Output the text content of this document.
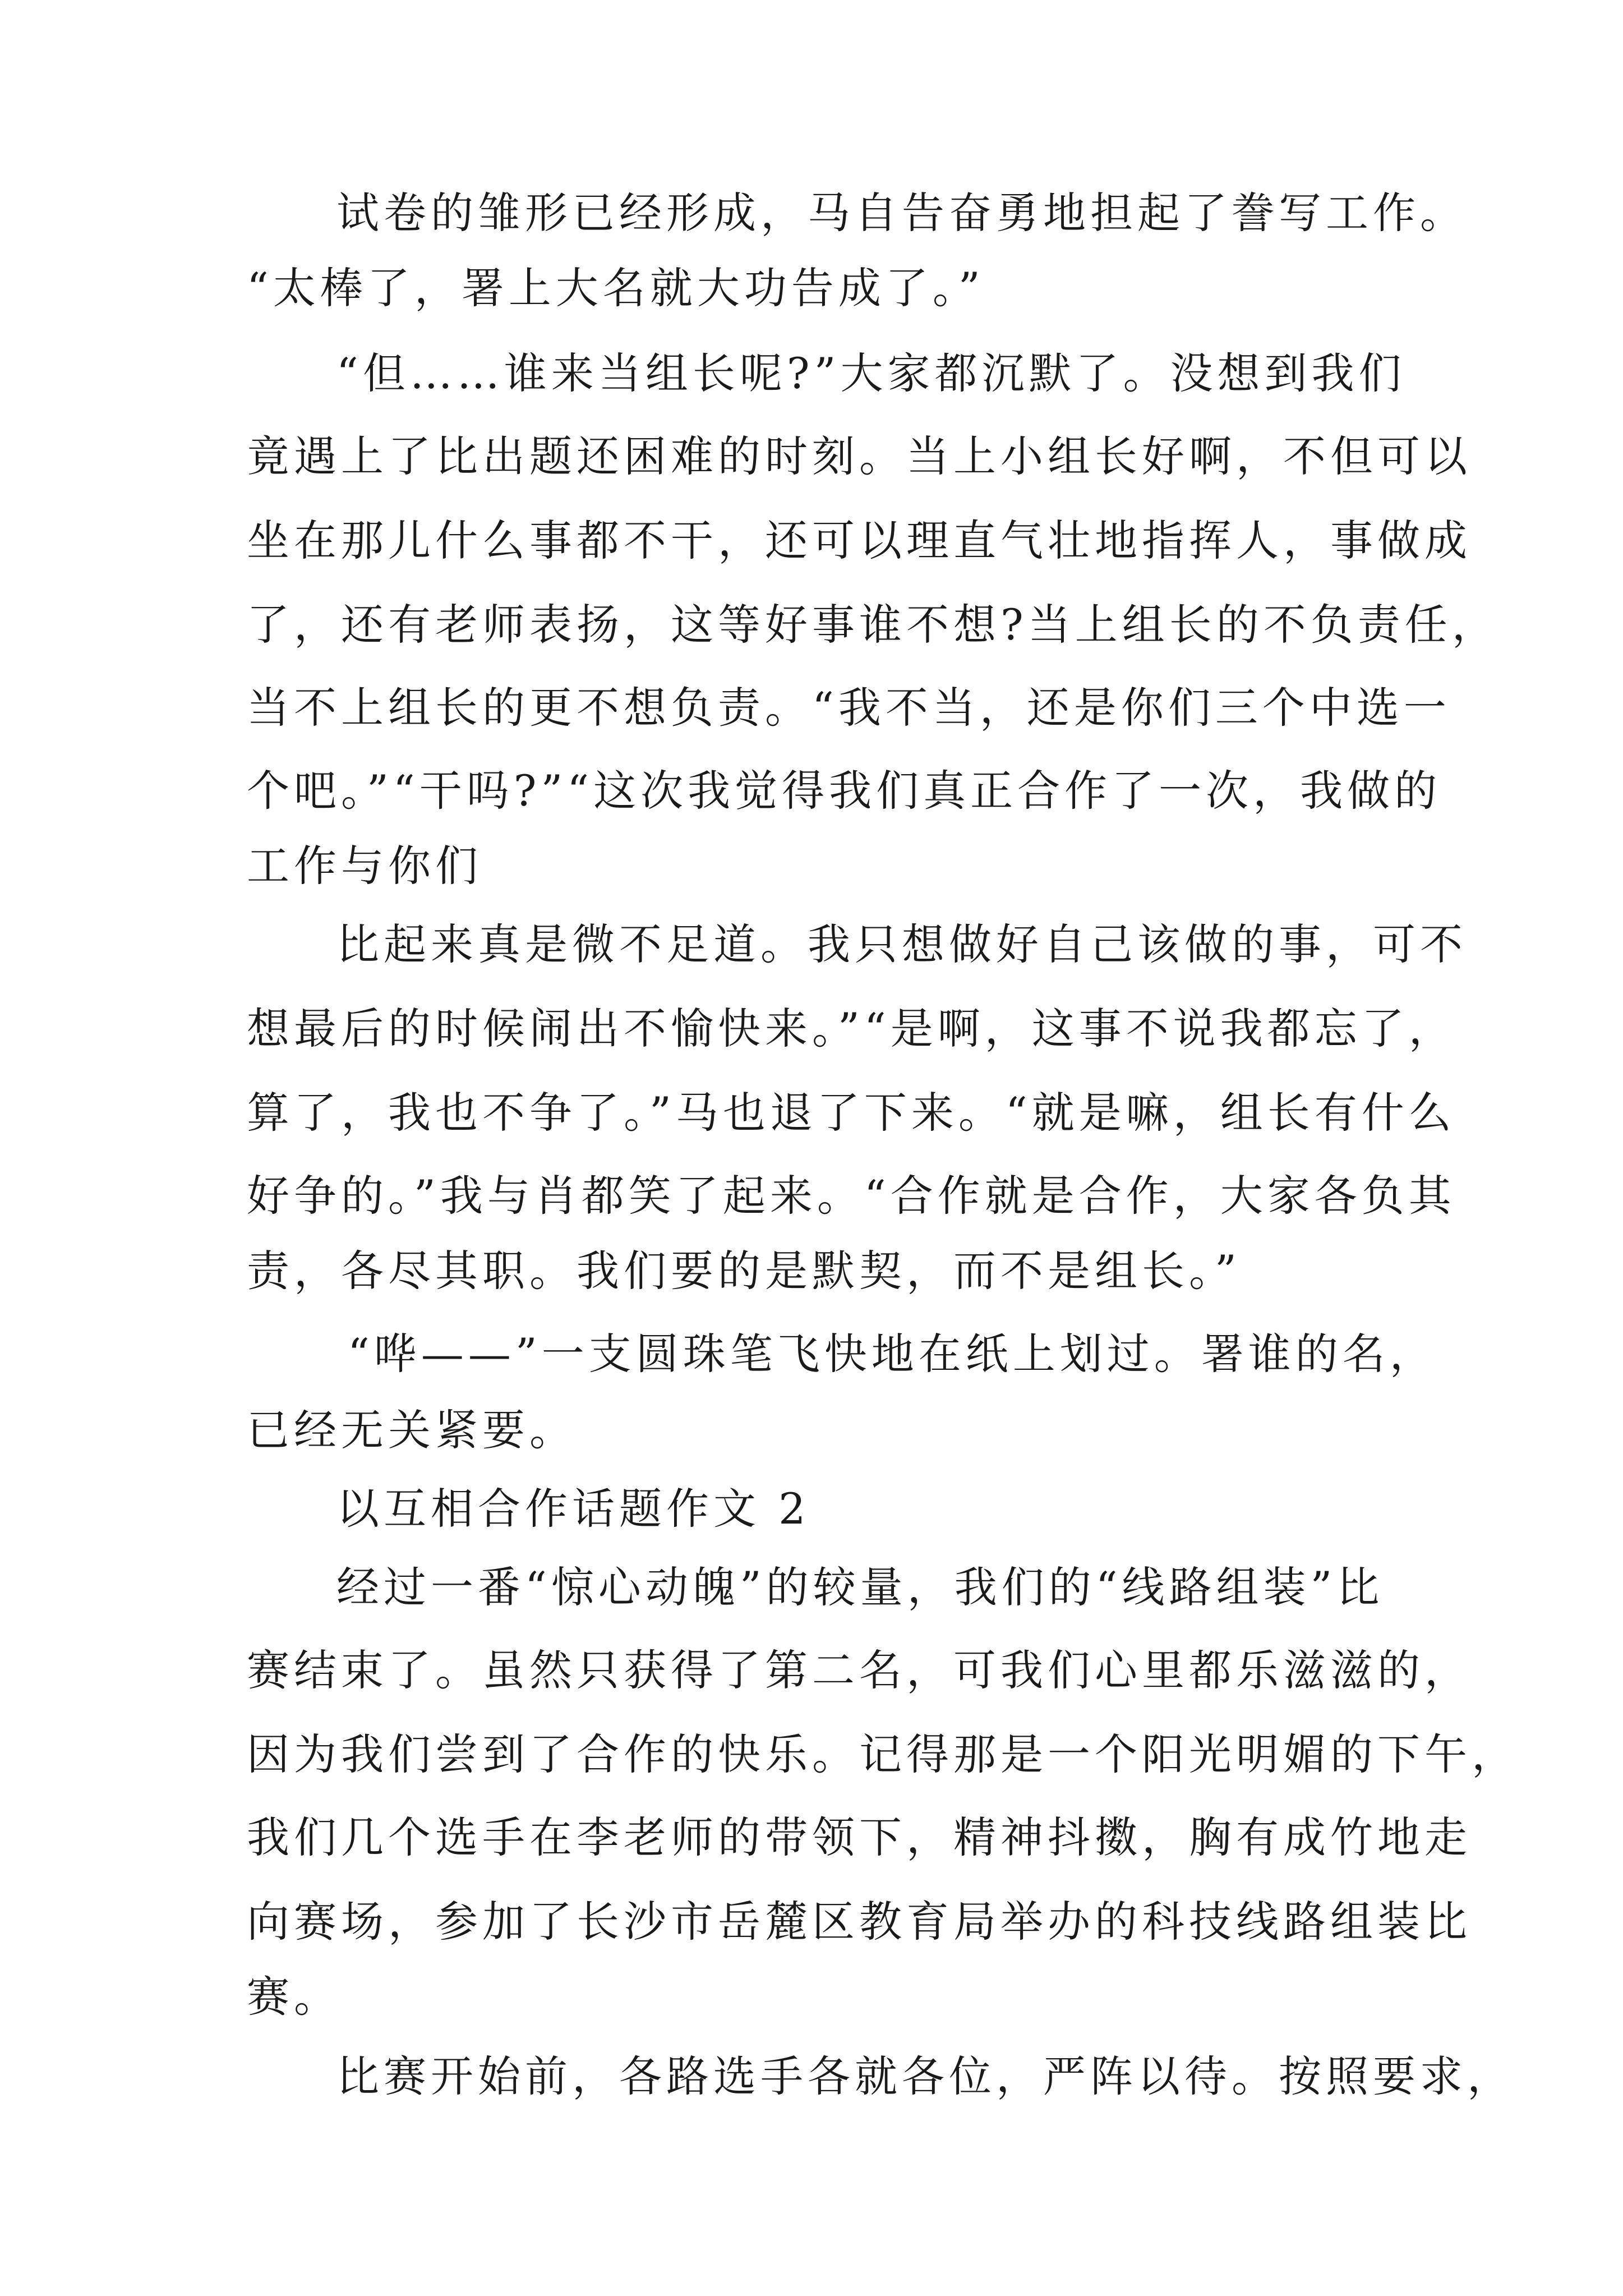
试卷的雏形已经形成，马自告奋勇地担起了誊写工作。
“太棒了，署上大名就大功告成了。”
“但……谁来当组长呢?”大家都沉默了。没想到我们
竟遇上了比出题还困难的时刻。当上小组长好啊，不但可以
坐在那儿什么事都不干，还可以理直气壮地指挥人，事做成
了，还有老师表扬，这等好事谁不想?当上组长的不负责任，
当不上组长的更不想负责。“我不当，还是你们三个中选一
个吧。”“干吗?”“这次我觉得我们真正合作了一次，我做的
工作与你们
比起来真是微不足道。我只想做好自己该做的事，可不
想最后的时候闹出不愉快来。”“是啊，这事不说我都忘了，
算了，我也不争了。”马也退了下来。“就是嘛，组长有什么
好争的。”我与肖都笑了起来。“合作就是合作，大家各负其
责，各尽其职。我们要的是默契，而不是组长。”
“哗——”一支圆珠笔飞快地在纸上划过。署谁的名，
已经无关紧要。
以互相合作话题作文 2
经过一番“惊心动魄”的较量，我们的“线路组装”比
赛结束了。虽然只获得了第二名，可我们心里都乐滋滋的，
因为我们尝到了合作的快乐。记得那是一个阳光明媚的下午，
我们几个选手在李老师的带领下，精神抖擞，胸有成竹地走
向赛场，参加了长沙市岳麓区教育局举办的科技线路组装比
赛。
比赛开始前，各路选手各就各位，严阵以待。按照要求，
